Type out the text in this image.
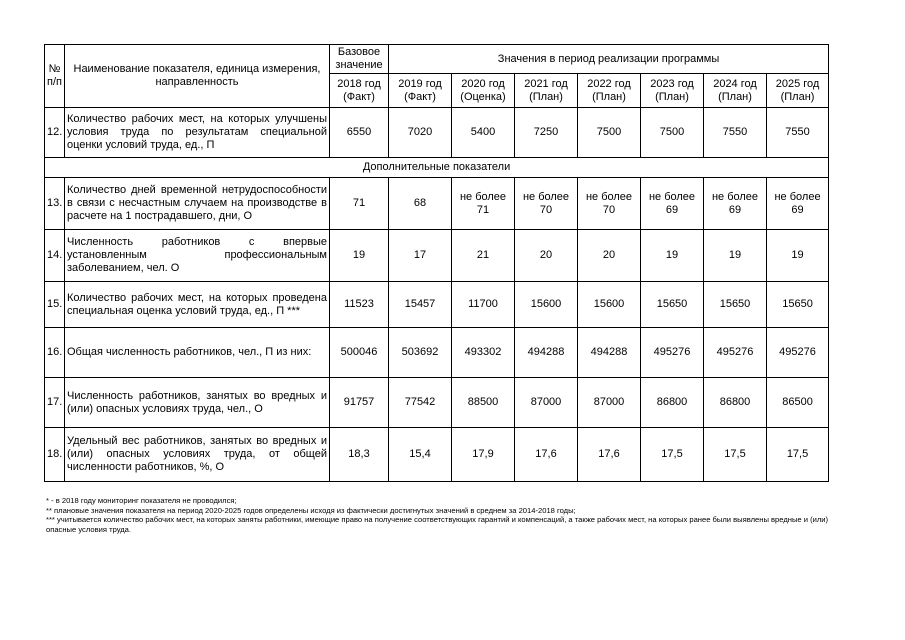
№ п/п	Наименование показателя, единица измерения, направленность	Базовое значение	Значения в период реализации программы						
		2018 год (Факт)	2019 год (Факт)	2020 год (Оценка)	2021 год (План)	2022 год (План)	2023 год (План)	2024 год (План)	2025 год (План)
12.	Количество рабочих мест, на которых улучшены условия труда по результатам специальной оценки условий труда, ед., П	6550	7020	5400	7250	7500	7500	7550	7550
Дополнительные показатели									
13.	Количество дней временной нетрудоспособности в связи с несчастным случаем на производстве в расчете на 1 пострадавшего, дни, О	71	68	не более 71	не более 70	не более 70	не более 69	не более 69	не более 69
14.	Численность работников с впервые установленным профессиональным заболеванием, чел. О	19	17	21	20	20	19	19	19
15.	Количество рабочих мест, на которых проведена специальная оценка условий труда, ед., П ***	11523	15457	11700	15600	15600	15650	15650	15650
16.	Общая численность работников, чел., П из них:	500046	503692	493302	494288	494288	495276	495276	495276
17.	Численность работников, занятых во вредных и (или) опасных условиях труда, чел., О	91757	77542	88500	87000	87000	86800	86800	86500
18.	Удельный вес работников, занятых во вредных и (или) опасных условиях труда, от общей численности работников, %, О	18,3	15,4	17,9	17,6	17,6	17,5	17,5	17,5
* - в 2018 году мониторинг показателя не проводился;
** плановые значения показателя на период 2020-2025 годов определены исходя из фактически достигнутых значений в среднем за 2014-2018 годы;
*** учитывается количество рабочих мест, на которых заняты работники, имеющие право на получение соответствующих гарантий и компенсаций, а также рабочих мест, на которых ранее были выявлены вредные и (или) опасные условия труда.
